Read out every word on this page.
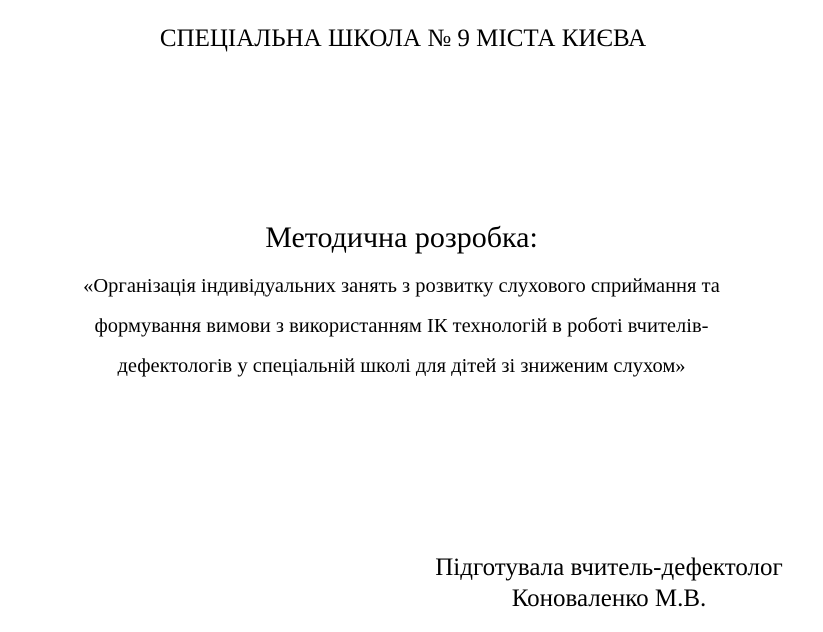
СПЕЦІАЛЬНА ШКОЛА № 9 МІСТА КИЄВА
Методична розробка:
«Організація індивідуальних занять з розвитку слухового сприймання та
формування вимови з використанням ІК технологій в роботі вчителів-
дефектологів у спеціальній школі для дітей зі зниженим слухом»
Підготувала вчитель-дефектолог
Коноваленко М.В.
